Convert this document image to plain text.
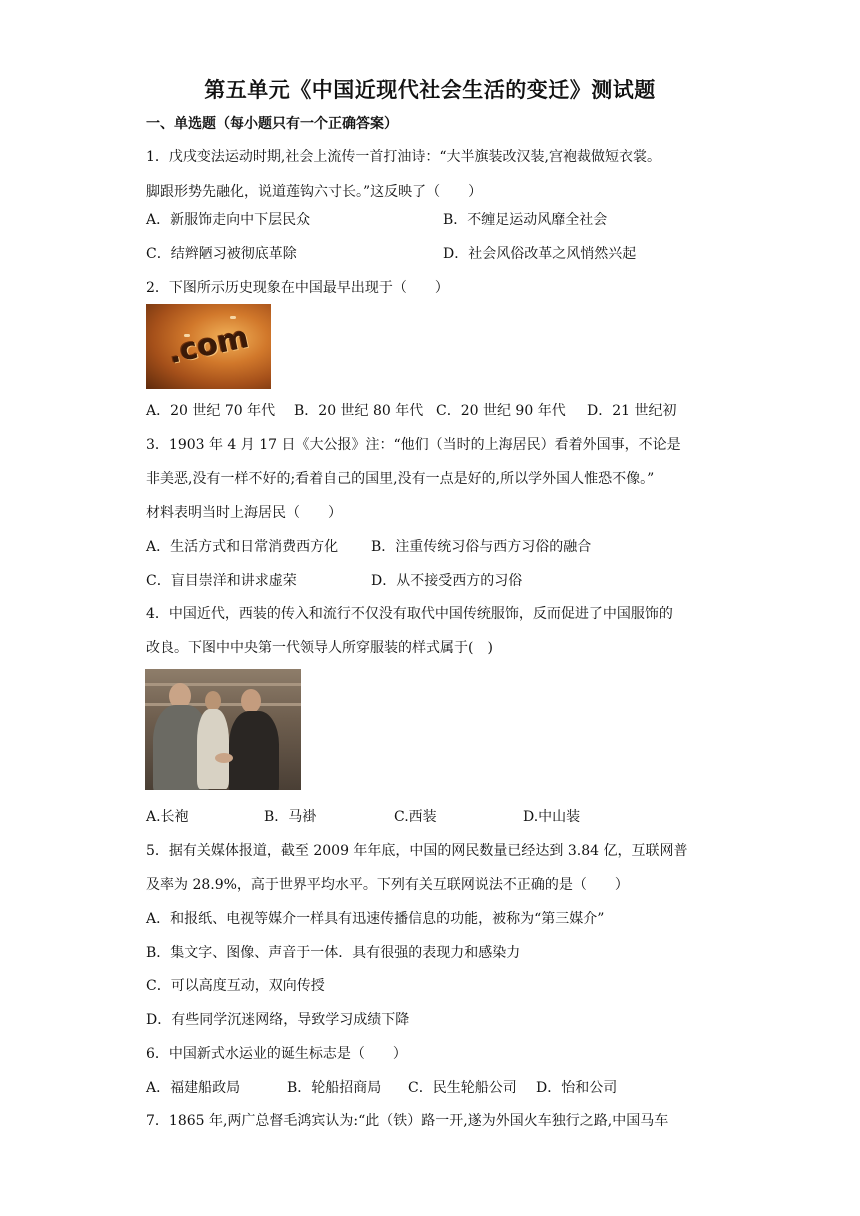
第五单元《中国近现代社会生活的变迁》测试题
一、单选题（每小题只有一个正确答案）
1．戊戌变法运动时期,社会上流传一首打油诗：“大半旗装改汉装,宫袍裁做短衣裳。
脚跟形势先融化，说道莲钩六寸长。”这反映了（　　）
A．新服饰走向中下层民众	B．不缠足运动风靡全社会
C．结辫陋习被彻底革除	D．社会风俗改革之风悄然兴起
2．下图所示历史现象在中国最早出现于（　　）
.com
A．20 世纪 70 年代 B．20 世纪 80 年代 C．20 世纪 90 年代 D．21 世纪初
3．1903 年 4 月 17 日《大公报》注：“他们（当时的上海居民）看着外国事，不论是
非美恶,没有一样不好的;看着自己的国里,没有一点是好的,所以学外国人惟恐不像。”
材料表明当时上海居民（　　）
A．生活方式和日常消费西方化 B．注重传统习俗与西方习俗的融合
C．盲目崇洋和讲求虚荣	D．从不接受西方的习俗
4．中国近代，西装的传入和流行不仅没有取代中国传统服饰，反而促进了中国服饰的
改良。下图中中央第一代领导人所穿服装的样式属于(　)
A.长袍	B．马褂	C.西装	D.中山装
5．据有关媒体报道，截至 2009 年年底，中国的网民数量已经达到 3.84 亿，互联网普
及率为 28.9%，高于世界平均水平。下列有关互联网说法不正确的是（　　）
A．和报纸、电视等媒介一样具有迅速传播信息的功能，被称为“第三媒介”
B．集文字、图像、声音于一体．具有很强的表现力和感染力
C．可以高度互动，双向传授
D．有些同学沉迷网络，导致学习成绩下降
6．中国新式水运业的诞生标志是（　　）
A．福建船政局	B．轮船招商局 C．民生轮船公司 D．怡和公司
7．1865 年,两广总督毛鸿宾认为:“此（铁）路一开,遂为外国火车独行之路,中国马车
